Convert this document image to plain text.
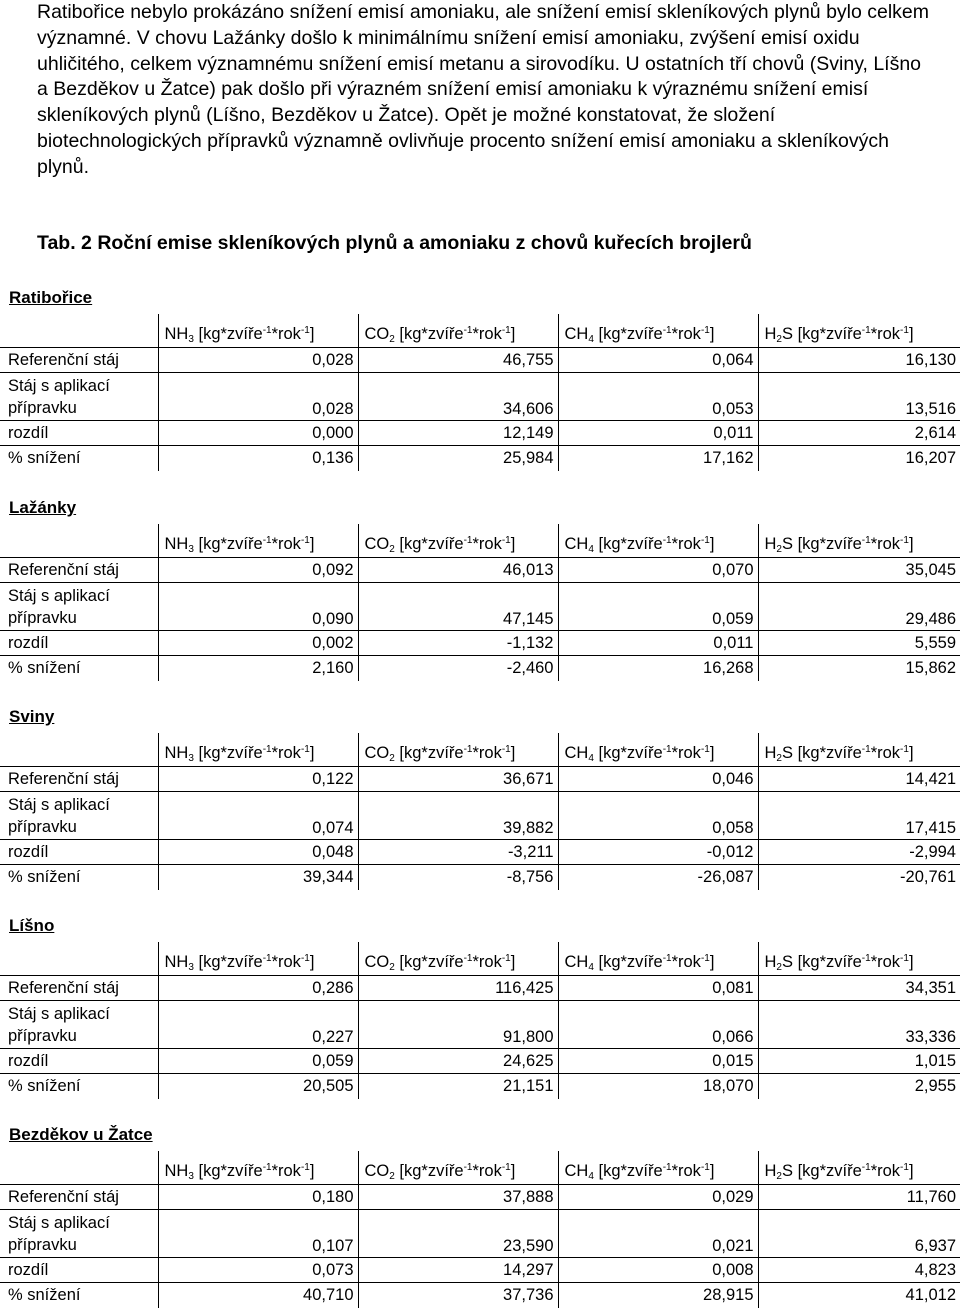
Ratibořice nebylo prokázáno snížení emisí amoniaku, ale snížení emisí skleníkových plynů bylo celkem významné. V chovu Lažánky došlo k minimálnímu snížení emisí amoniaku, zvýšení emisí oxidu uhličitého, celkem významnému snížení emisí metanu a sirovodíku. U ostatních tří chovů (Sviny, Líšno a Bezděkov u Žatce) pak došlo při výrazném snížení emisí amoniaku k výraznému snížení emisí skleníkových plynů (Líšno, Bezděkov u Žatce). Opět je možné konstatovat, že složení biotechnologických přípravků významně ovlivňuje procento snížení emisí amoniaku a skleníkových plynů.

Tab. 2 Roční emise skleníkových plynů a amoniaku z chovů kuřecích brojlerů

Ratibořice
	$NH_3$ [kg*zvíře$^{-1}$*rok$^{-1}$]	$CO_2$ [kg*zvíře$^{-1}$*rok$^{-1}$]	$CH_4$ [kg*zvíře$^{-1}$*rok$^{-1}$]	$H_2S$ [kg*zvíře$^{-1}$*rok$^{-1}$]
Referenční stáj	0,028	46,755	0,064	16,130

Stáj s aplikací
přípravku	0,028	34,606	0,053	13,516
rozdíl	0,000	12,149	0,011	2,614
% snížení	0,136	25,984	17,162	16,207
Lažánky
	$NH_3$ [kg*zvíře$^{-1}$*rok$^{-1}$]	$CO_2$ [kg*zvíře$^{-1}$*rok$^{-1}$]	$CH_4$ [kg*zvíře$^{-1}$*rok$^{-1}$]	$H_2S$ [kg*zvíře$^{-1}$*rok$^{-1}$]
Referenční stáj	0,092	46,013	0,070	35,045

Stáj s aplikací
přípravku	0,090	47,145	0,059	29,486
rozdíl	0,002	-1,132	0,011	5,559
% snížení	2,160	-2,460	16,268	15,862
Sviny
	$NH_3$ [kg*zvíře$^{-1}$*rok$^{-1}$]	$CO_2$ [kg*zvíře$^{-1}$*rok$^{-1}$]	$CH_4$ [kg*zvíře$^{-1}$*rok$^{-1}$]	$H_2S$ [kg*zvíře$^{-1}$*rok$^{-1}$]
Referenční stáj	0,122	36,671	0,046	14,421

Stáj s aplikací
přípravku	0,074	39,882	0,058	17,415
rozdíl	0,048	-3,211	-0,012	-2,994
% snížení	39,344	-8,756	-26,087	-20,761
Líšno
	$NH_3$ [kg*zvíře$^{-1}$*rok$^{-1}$]	$CO_2$ [kg*zvíře$^{-1}$*rok$^{-1}$]	$CH_4$ [kg*zvíře$^{-1}$*rok$^{-1}$]	$H_2S$ [kg*zvíře$^{-1}$*rok$^{-1}$]
Referenční stáj	0,286	116,425	0,081	34,351

Stáj s aplikací
přípravku	0,227	91,800	0,066	33,336
rozdíl	0,059	24,625	0,015	1,015
% snížení	20,505	21,151	18,070	2,955
Bezděkov u Žatce
	$NH_3$ [kg*zvíře$^{-1}$*rok$^{-1}$]	$CO_2$ [kg*zvíře$^{-1}$*rok$^{-1}$]	$CH_4$ [kg*zvíře$^{-1}$*rok$^{-1}$]	$H_2S$ [kg*zvíře$^{-1}$*rok$^{-1}$]
Referenční stáj	0,180	37,888	0,029	11,760

Stáj s aplikací
přípravku	0,107	23,590	0,021	6,937
rozdíl	0,073	14,297	0,008	4,823
% snížení	40,710	37,736	28,915	41,012
